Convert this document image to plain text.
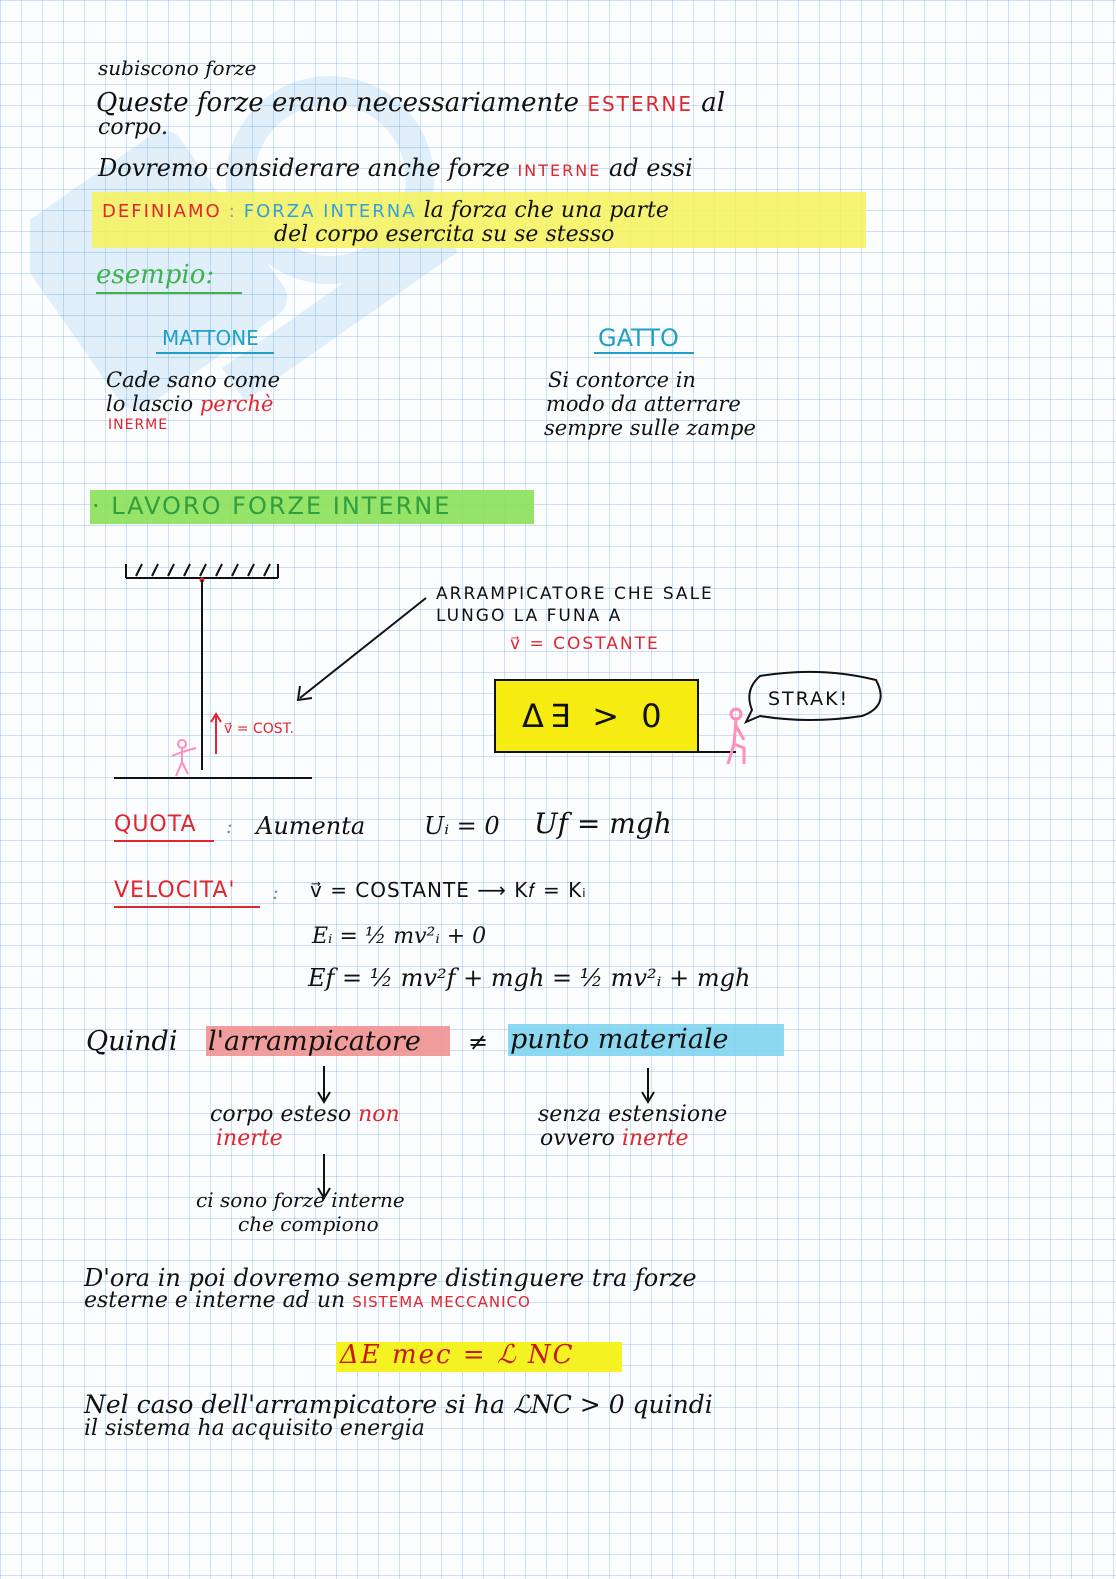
subiscono forze
Queste forze erano necessariamente ESTERNE al
corpo.
Dovremo considerare anche forze INTERNE ad essi
DEFINIAMO : FORZA INTERNA la forza che una parte
del corpo esercita su se stesso
esempio:
MATTONE
Cade sano come
lo lascio perchè
INERME
GATTO
Si contorce in
modo da atterrare
sempre sulle zampe
· LAVORO FORZE INTERNE
ARRAMPICATORE CHE SALE
LUNGO LA FUNA A
v⃗ = COSTANTE
v⃗ = COST.	Δ∃ > 0	STRAK!
QUOTA : Aumenta Uᵢ = 0 U𝑓 = mgh
VELOCITA' : v⃗ = COSTANTE ⟶ K𝑓 = Kᵢ
Eᵢ = ½ mv²ᵢ + 0
E𝑓 = ½ mv²𝑓 + mgh = ½ mv²ᵢ + mgh
Quindi l'arrampicatore ≠ punto materiale
corpo esteso non
inerte
senza estensione
ovvero inerte
ci sono forze interne
che compiono
D'ora in poi dovremo sempre distinguere tra forze
esterne e interne ad un SISTEMA MECCANICO
ΔE mec = ℒ NC
Nel caso dell'arrampicatore si ha ℒNC > 0 quindi
il sistema ha acquisito energia
